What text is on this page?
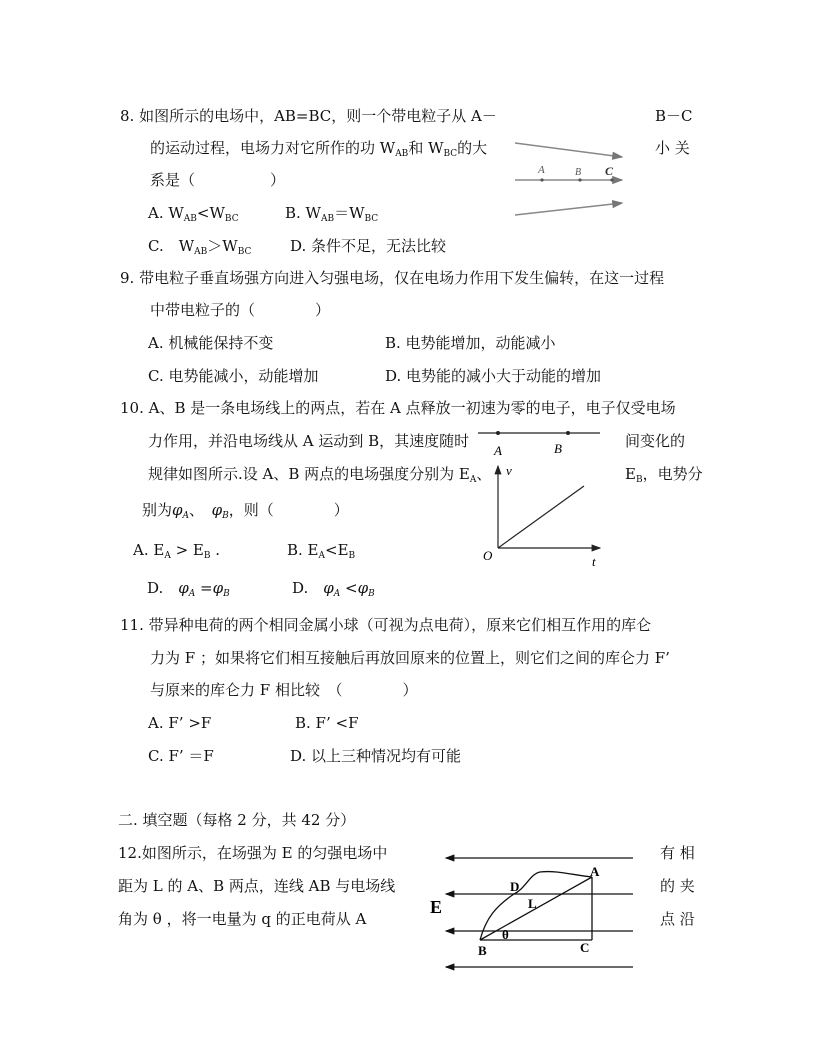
8. 如图所示的电场中，AB=BC，则一个带电粒子从 A－	B－C
的运动过程，电场力对它所作的功 $W_{AB}$和 $W_{BC}$的大	小 关
系是（　　　　　）
A. $W_{AB}<W_{BC}$	B. $W_{AB}=W_{BC}$
C.　$W_{AB}>W_{BC}$	D. 条件不足，无法比较
A	B C
9. 带电粒子垂直场强方向进入匀强电场，仅在电场力作用下发生偏转，在这一过程
中带电粒子的（　　　　）
A. 机械能保持不变	B. 电势能增加，动能减小
C. 电势能减小，动能增加	D. 电势能的减小大于动能的增加
10. A、B 是一条电场线上的两点，若在 A 点释放一初速为零的电子，电子仅受电场
力作用，并沿电场线从 A 运动到 B，其速度随时	间变化的
规律如图所示.设 A、B 两点的电场强度分别为 $E_A$、	$E_B$，电势分
别为$\varphi_A$、　 $\varphi_B$，则（　　　　）
A. $E_A > E_B$ .	B. $E_A<E_B$
D.　$\varphi_A =\varphi_B$	D.　$\varphi_A <\varphi_B$
A	B
v
t
O
11. 带异种电荷的两个相同金属小球（可视为点电荷），原来它们相互作用的库仑
力为 F ；如果将它们相互接触后再放回原来的位置上，则它们之间的库仑力 F’
与原来的库仑力 F 相比较　（　　　　）
A. F’ >F	B. F’ <F
C. F’ ＝F	D. 以上三种情况均有可能
二. 填空题（每格 2 分，共 42 分）
12.如图所示，在场强为 E 的匀强电场中	有 相
距为 L 的 A、B 两点，连线 AB 与电场线	的 夹
角为 θ ，将一电量为 q 的正电荷从 A	点 沿
A
B	C
D
L
θ
E
